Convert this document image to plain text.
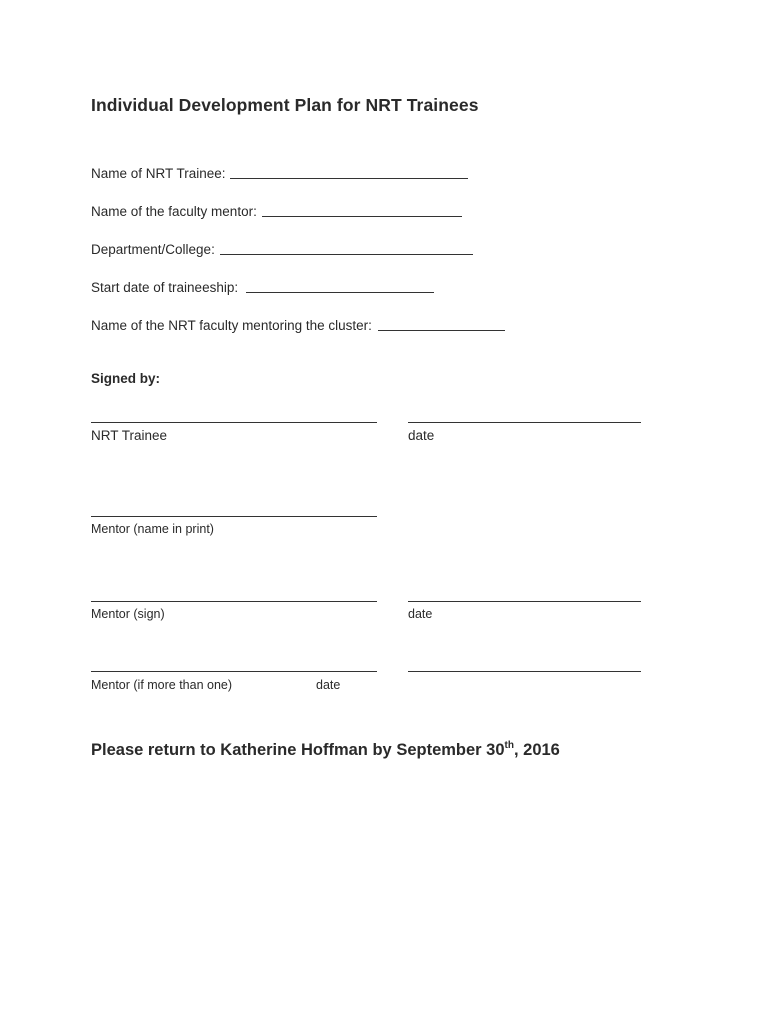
Individual Development Plan for NRT Trainees
Name of NRT Trainee:
Name of the faculty mentor:
Department/College:
Start date of traineeship:
Name of the NRT faculty mentoring the cluster:
Signed by:
NRT Trainee	date
Mentor (name in print)
Mentor (sign)	date
Mentor (if more than one)	date
Please return to Katherine Hoffman by September 30th, 2016
